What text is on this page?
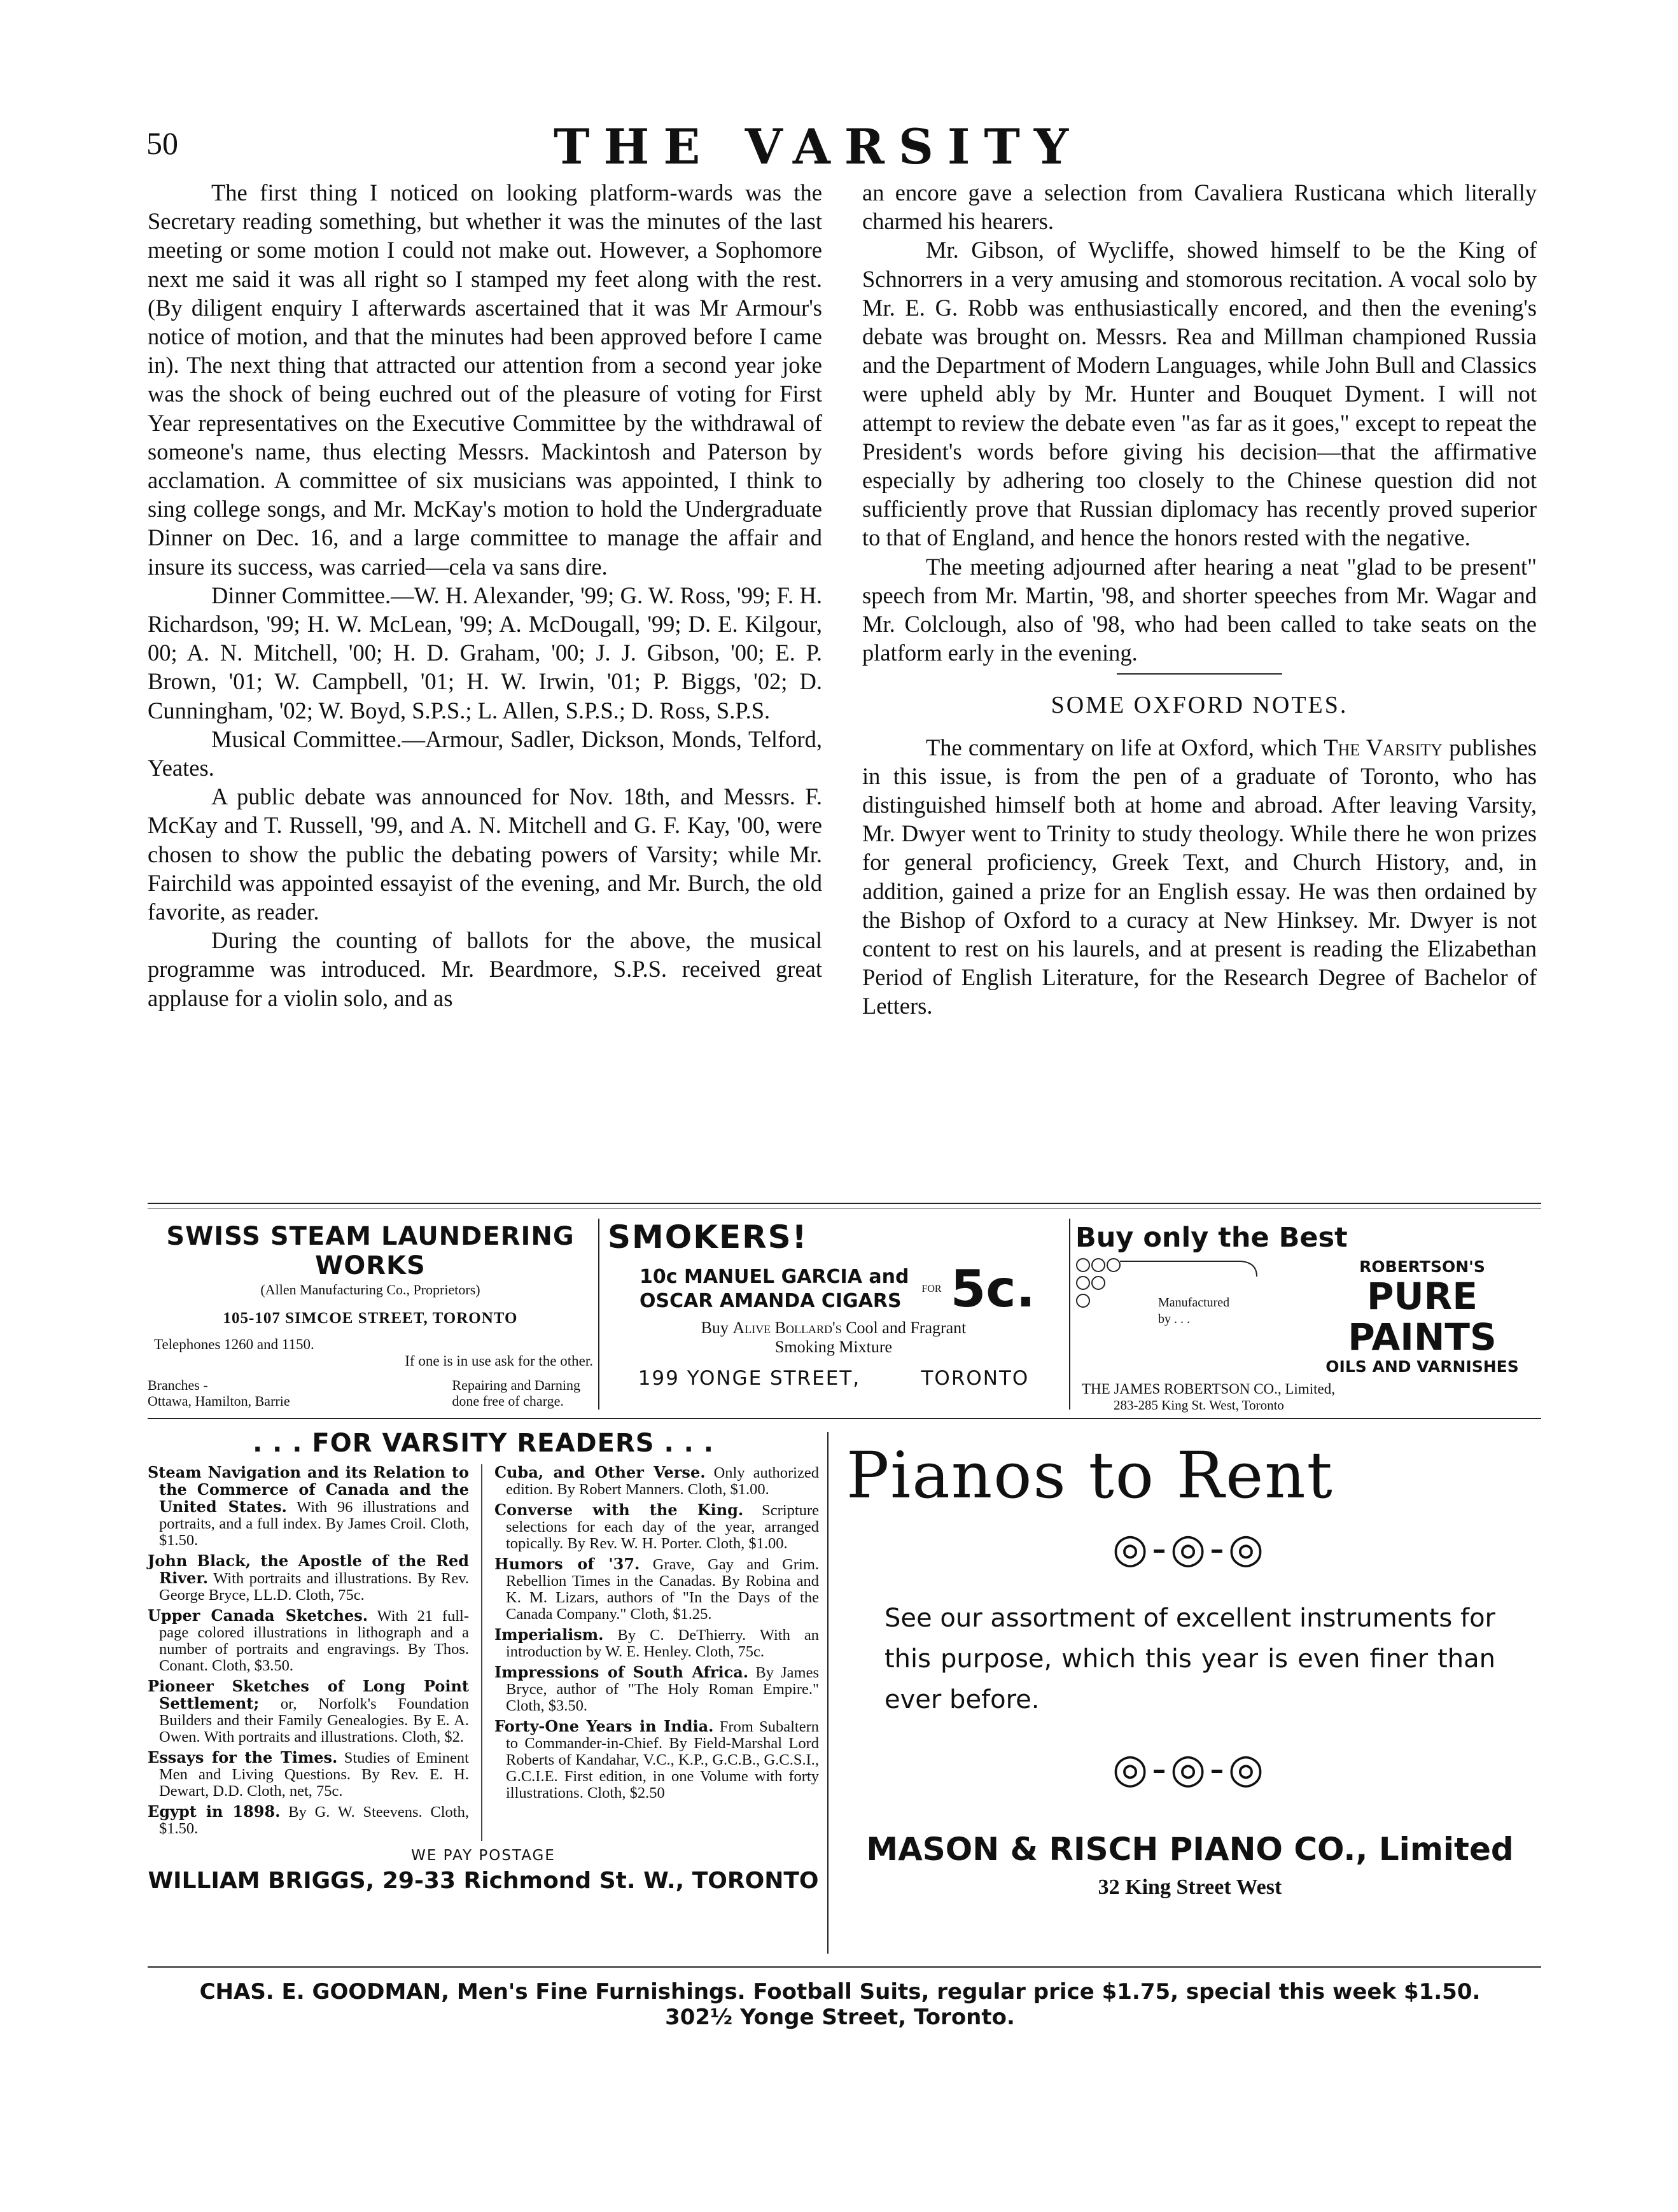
50	THE VARSITY

The first thing I noticed on looking platform-wards was the Secretary reading something, but whether it was the minutes of the last meeting or some motion I could not make out. However, a Sophomore next me said it was all right so I stamped my feet along with the rest. (By diligent enquiry I afterwards ascertained that it was Mr Armour's notice of motion, and that the minutes had been approved before I came in). The next thing that attracted our attention from a second year joke was the shock of being euchred out of the pleasure of voting for First Year representatives on the Executive Committee by the withdrawal of someone's name, thus electing Messrs. Mackintosh and Paterson by acclamation. A committee of six musicians was appointed, I think to sing college songs, and Mr. McKay's motion to hold the Undergraduate Dinner on Dec. 16, and a large committee to manage the affair and insure its success, was carried—cela va sans dire.

Dinner Committee.—W. H. Alexander, '99; G. W. Ross, '99; F. H. Richardson, '99; H. W. McLean, '99; A. McDougall, '99; D. E. Kilgour, 00; A. N. Mitchell, '00; H. D. Graham, '00; J. J. Gibson, '00; E. P. Brown, '01; W. Campbell, '01; H. W. Irwin, '01; P. Biggs, '02; D. Cunningham, '02; W. Boyd, S.P.S.; L. Allen, S.P.S.; D. Ross, S.P.S.

Musical Committee.—Armour, Sadler, Dickson, Monds, Telford, Yeates.

A public debate was announced for Nov. 18th, and Messrs. F. McKay and T. Russell, '99, and A. N. Mitchell and G. F. Kay, '00, were chosen to show the public the debating powers of Varsity; while Mr. Fairchild was appointed essayist of the evening, and Mr. Burch, the old favorite, as reader.

During the counting of ballots for the above, the musical programme was introduced. Mr. Beardmore, S.P.S. received great applause for a violin solo, and as

an encore gave a selection from Cavaliera Rusticana which literally charmed his hearers.

Mr. Gibson, of Wycliffe, showed himself to be the King of Schnorrers in a very amusing and stomorous recitation. A vocal solo by Mr. E. G. Robb was enthusiastically encored, and then the evening's debate was brought on. Messrs. Rea and Millman championed Russia and the Department of Modern Languages, while John Bull and Classics were upheld ably by Mr. Hunter and Bouquet Dyment. I will not attempt to review the debate even "as far as it goes," except to repeat the President's words before giving his decision—that the affirmative especially by adhering too closely to the Chinese question did not sufficiently prove that Russian diplomacy has recently proved superior to that of England, and hence the honors rested with the negative.

The meeting adjourned after hearing a neat "glad to be present" speech from Mr. Martin, '98, and shorter speeches from Mr. Wagar and Mr. Colclough, also of '98, who had been called to take seats on the platform early in the evening.

SOME OXFORD NOTES.

The commentary on life at Oxford, which The Varsity publishes in this issue, is from the pen of a graduate of Toronto, who has distinguished himself both at home and abroad. After leaving Varsity, Mr. Dwyer went to Trinity to study theology. While there he won prizes for general proficiency, Greek Text, and Church History, and, in addition, gained a prize for an English essay. He was then ordained by the Bishop of Oxford to a curacy at New Hinksey. Mr. Dwyer is not content to rest on his laurels, and at present is reading the Elizabethan Period of English Literature, for the Research Degree of Bachelor of Letters.

SWISS STEAM LAUNDERING WORKS
(Allen Manufacturing Co., Proprietors)
105-107 SIMCOE STREET, TORONTO
Telephones 1260 and 1150.
If one is in use ask for the other.
Branches -
Ottawa, Hamilton, Barrie
Repairing and Darning
done free of charge.
SMOKERS!
10c MANUEL GARCIA and
OSCAR AMANDA CIGARS
FOR 5c.
Buy Alive Bollard's Cool and Fragrant
Smoking Mixture
199 YONGE STREET,	TORONTO
Buy only the Best
Manufactured
by . . .
ROBERTSON'S
PURE PAINTS
OILS AND VARNISHES
THE JAMES ROBERTSON CO., Limited,
283-285 King St. West, Toronto
. . . FOR VARSITY READERS . . .

Steam Navigation and its Relation to the Commerce of Canada and the United States. With 96 illustrations and portraits, and a full index. By James Croil. Cloth, $1.50.

John Black, the Apostle of the Red River. With portraits and illustrations. By Rev. George Bryce, LL.D. Cloth, 75c.

Upper Canada Sketches. With 21 full-page colored illustrations in lithograph and a number of portraits and engravings. By Thos. Conant. Cloth, $3.50.

Pioneer Sketches of Long Point Settlement; or, Norfolk's Foundation Builders and their Family Genealogies. By E. A. Owen. With portraits and illustrations. Cloth, $2.

Essays for the Times. Studies of Eminent Men and Living Questions. By Rev. E. H. Dewart, D.D. Cloth, net, 75c.

Egypt in 1898. By G. W. Steevens. Cloth, $1.50.

Cuba, and Other Verse. Only authorized edition. By Robert Manners. Cloth, $1.00.

Converse with the King. Scripture selections for each day of the year, arranged topically. By Rev. W. H. Porter. Cloth, $1.00.

Humors of '37. Grave, Gay and Grim. Rebellion Times in the Canadas. By Robina and K. M. Lizars, authors of "In the Days of the Canada Company." Cloth, $1.25.

Imperialism. By C. DeThierry. With an introduction by W. E. Henley. Cloth, 75c.

Impressions of South Africa. By James Bryce, author of "The Holy Roman Empire." Cloth, $3.50.

Forty-One Years in India. From Subaltern to Commander-in-Chief. By Field-Marshal Lord Roberts of Kandahar, V.C., K.P., G.C.B., G.C.S.I., G.C.I.E. First edition, in one Volume with forty illustrations. Cloth, $2.50

WE PAY POSTAGE
WILLIAM BRIGGS, 29-33 Richmond St. W., TORONTO
Pianos to Rent
◎-◎-◎
See our assortment of excellent instruments for this purpose, which this year is even finer than ever before.
◎-◎-◎
MASON & RISCH PIANO CO., Limited
32 King Street West
CHAS. E. GOODMAN, Men's Fine Furnishings. Football Suits, regular price $1.75, special this week $1.50.
302½ Yonge Street, Toronto.
